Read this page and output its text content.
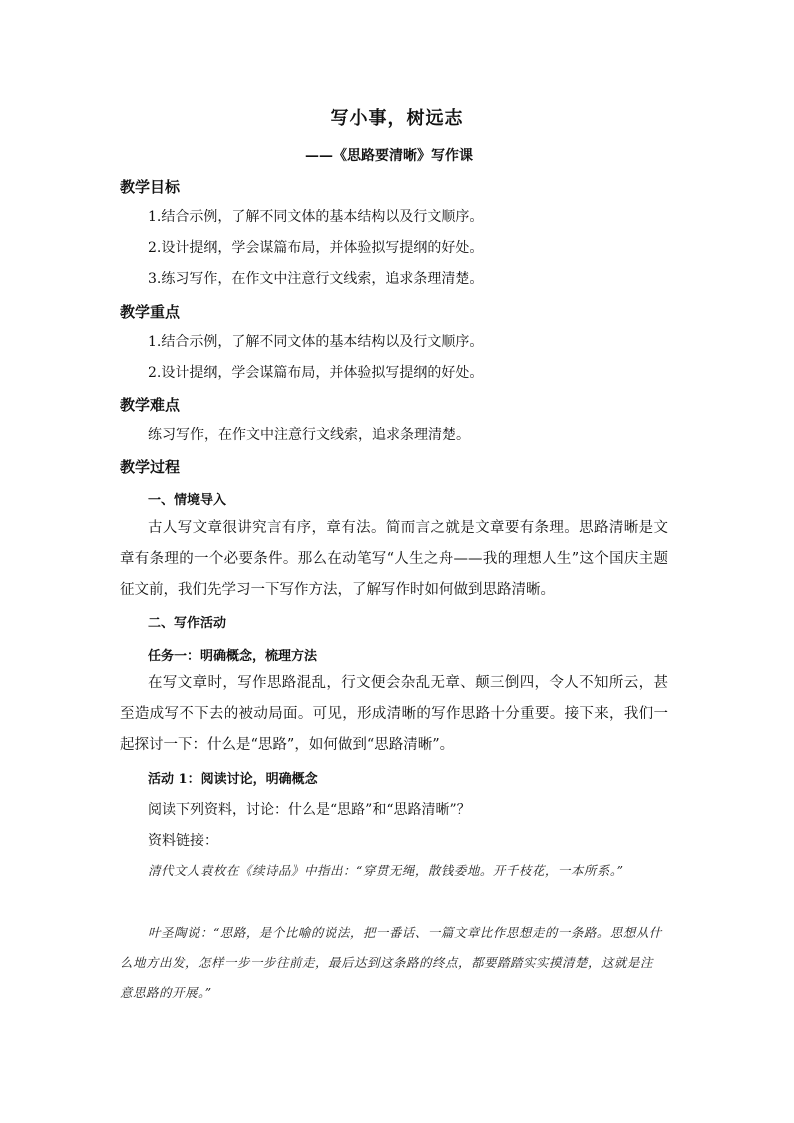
写小事，树远志
——《思路要清晰》写作课
教学目标
1.结合示例，了解不同文体的基本结构以及行文顺序。
2.设计提纲，学会谋篇布局，并体验拟写提纲的好处。
3.练习写作，在作文中注意行文线索，追求条理清楚。
教学重点
1.结合示例，了解不同文体的基本结构以及行文顺序。
2.设计提纲，学会谋篇布局，并体验拟写提纲的好处。
教学难点
练习写作，在作文中注意行文线索，追求条理清楚。
教学过程
一、情境导入
古人写文章很讲究言有序，章有法。简而言之就是文章要有条理。思路清晰是文章有条理的一个必要条件。那么在动笔写“人生之舟——我的理想人生”这个国庆主题征文前，我们先学习一下写作方法，了解写作时如何做到思路清晰。
二、写作活动
任务一：明确概念，梳理方法
在写文章时，写作思路混乱，行文便会杂乱无章、颠三倒四，令人不知所云，甚至造成写不下去的被动局面。可见，形成清晰的写作思路十分重要。接下来，我们一起探讨一下：什么是“思路”，如何做到“思路清晰”。
活动 1：阅读讨论，明确概念
阅读下列资料，讨论：什么是“思路”和“思路清晰”？
资料链接：
清代文人袁枚在《续诗品》中指出：“穿贯无绳，散钱委地。开千枝花，一本所系。”
叶圣陶说：“思路，是个比喻的说法，把一番话、一篇文章比作思想走的一条路。思想从什么地方出发，怎样一步一步往前走，最后达到这条路的终点，都要踏踏实实摸清楚，这就是注意思路的开展。”
